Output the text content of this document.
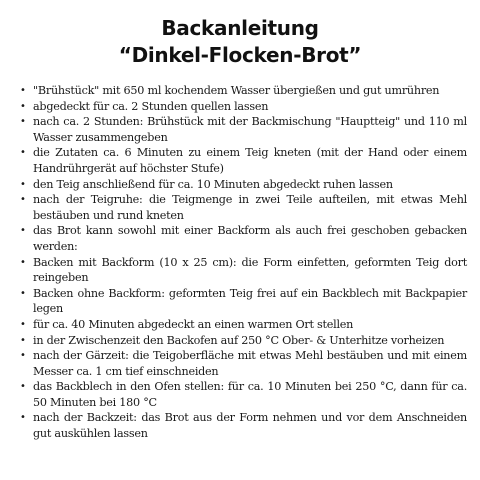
Backanleitung
“Dinkel-Flocken-Brot”
• "Brühstück" mit 650 ml kochendem Wasser übergießen und gut umrühren
• abgedeckt für ca. 2 Stunden quellen lassen
• nach ca. 2 Stunden: Brühstück mit der Backmischung "Hauptteig" und 110 ml Wasser zusammengeben
• die Zutaten ca. 6 Minuten zu einem Teig kneten (mit der Hand oder einem Handrührgerät auf höchster Stufe)
• den Teig anschließend für ca. 10 Minuten abgedeckt ruhen lassen
• nach der Teigruhe: die Teigmenge in zwei Teile aufteilen, mit etwas Mehl bestäuben und rund kneten
• das Brot kann sowohl mit einer Backform als auch frei geschoben gebacken werden:
• Backen mit Backform (10 x 25 cm): die Form einfetten, geformten Teig dort reingeben
• Backen ohne Backform: geformten Teig frei auf ein Backblech mit Backpapier legen
• für ca. 40 Minuten abgedeckt an einen warmen Ort stellen
• in der Zwischenzeit den Backofen auf 250 °C Ober- & Unterhitze vorheizen
• nach der Gärzeit: die Teigoberfläche mit etwas Mehl bestäuben und mit einem Messer ca. 1 cm tief einschneiden
• das Backblech in den Ofen stellen: für ca. 10 Minuten bei 250 °C, dann für ca. 50 Minuten bei 180 °C
• nach der Backzeit: das Brot aus der Form nehmen und vor dem Anschneiden gut auskühlen lassen
